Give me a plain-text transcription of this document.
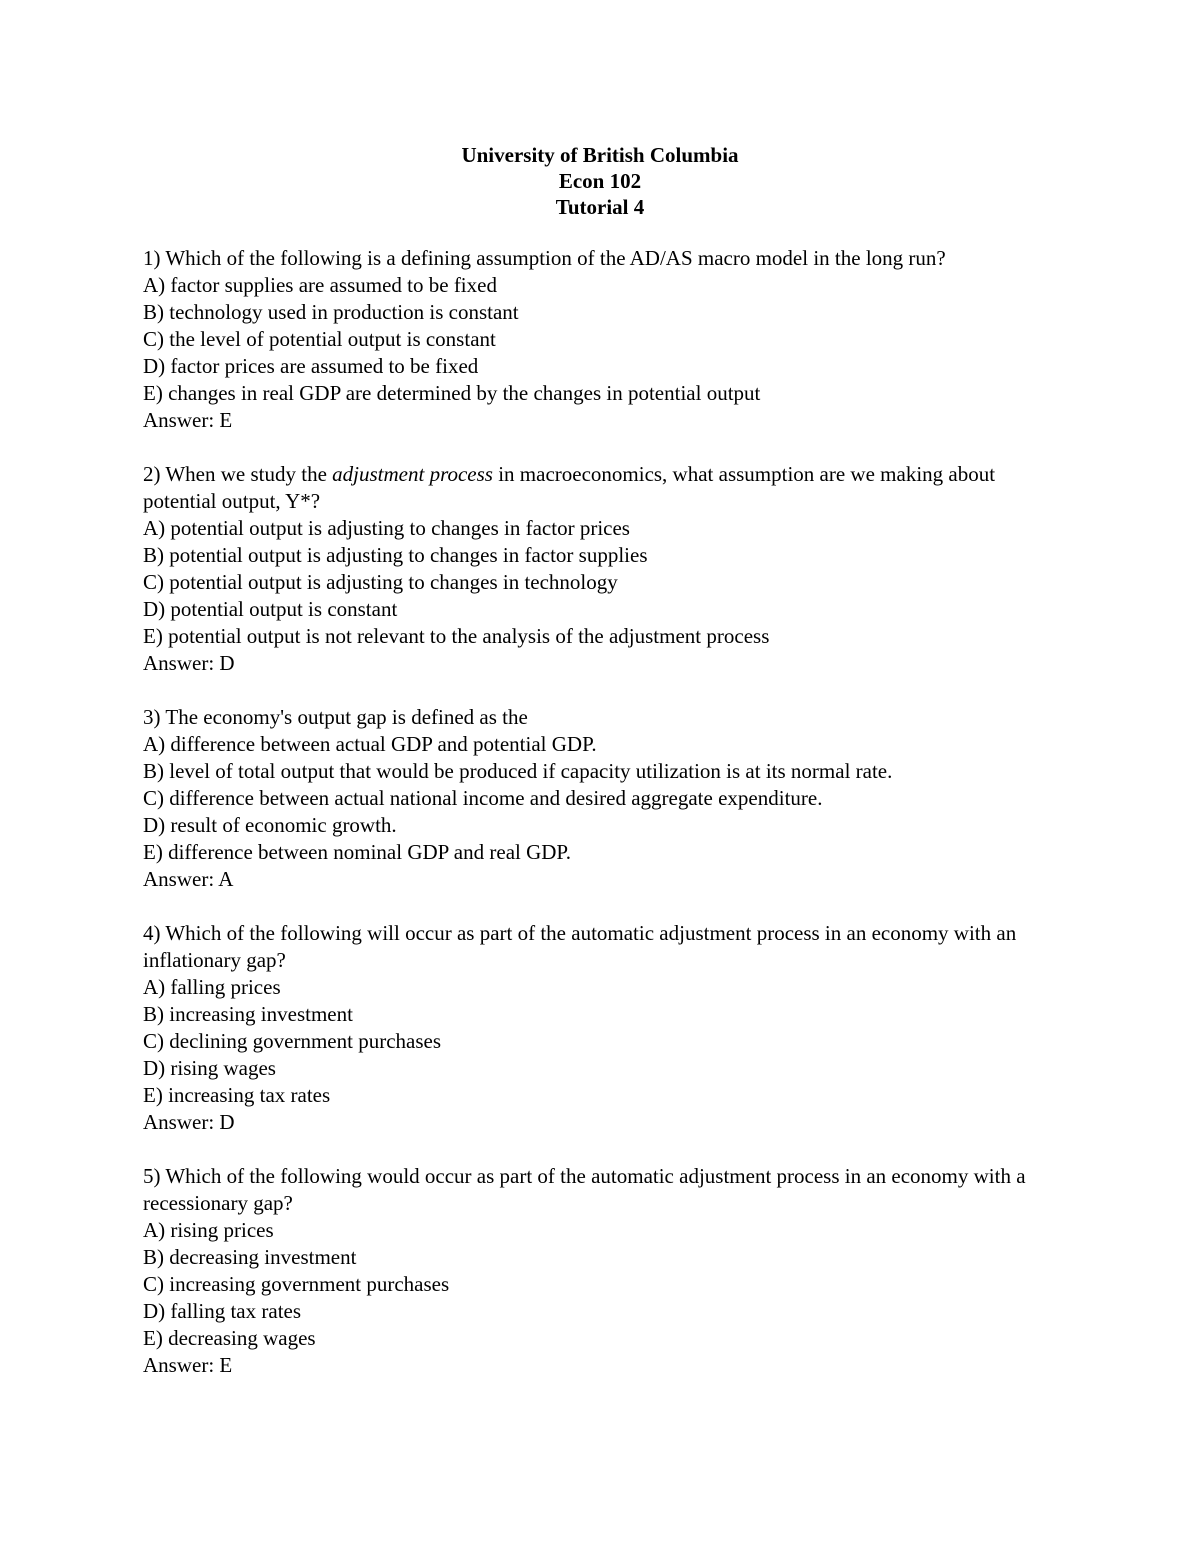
University of British Columbia
Econ 102
Tutorial 4
1) Which of the following is a defining assumption of the AD/AS macro model in the long run?
A) factor supplies are assumed to be fixed
B) technology used in production is constant
C) the level of potential output is constant
D) factor prices are assumed to be fixed
E) changes in real GDP are determined by the changes in potential output
Answer: E
2) When we study the adjustment process in macroeconomics, what assumption are we making about potential output, Y*?
A) potential output is adjusting to changes in factor prices
B) potential output is adjusting to changes in factor supplies
C) potential output is adjusting to changes in technology
D) potential output is constant
E) potential output is not relevant to the analysis of the adjustment process
Answer: D
3) The economy's output gap is defined as the
A) difference between actual GDP and potential GDP.
B) level of total output that would be produced if capacity utilization is at its normal rate.
C) difference between actual national income and desired aggregate expenditure.
D) result of economic growth.
E) difference between nominal GDP and real GDP.
Answer: A
4) Which of the following will occur as part of the automatic adjustment process in an economy with an inflationary gap?
A) falling prices
B) increasing investment
C) declining government purchases
D) rising wages
E) increasing tax rates
Answer: D
5) Which of the following would occur as part of the automatic adjustment process in an economy with a recessionary gap?
A) rising prices
B) decreasing investment
C) increasing government purchases
D) falling tax rates
E) decreasing wages
Answer: E
